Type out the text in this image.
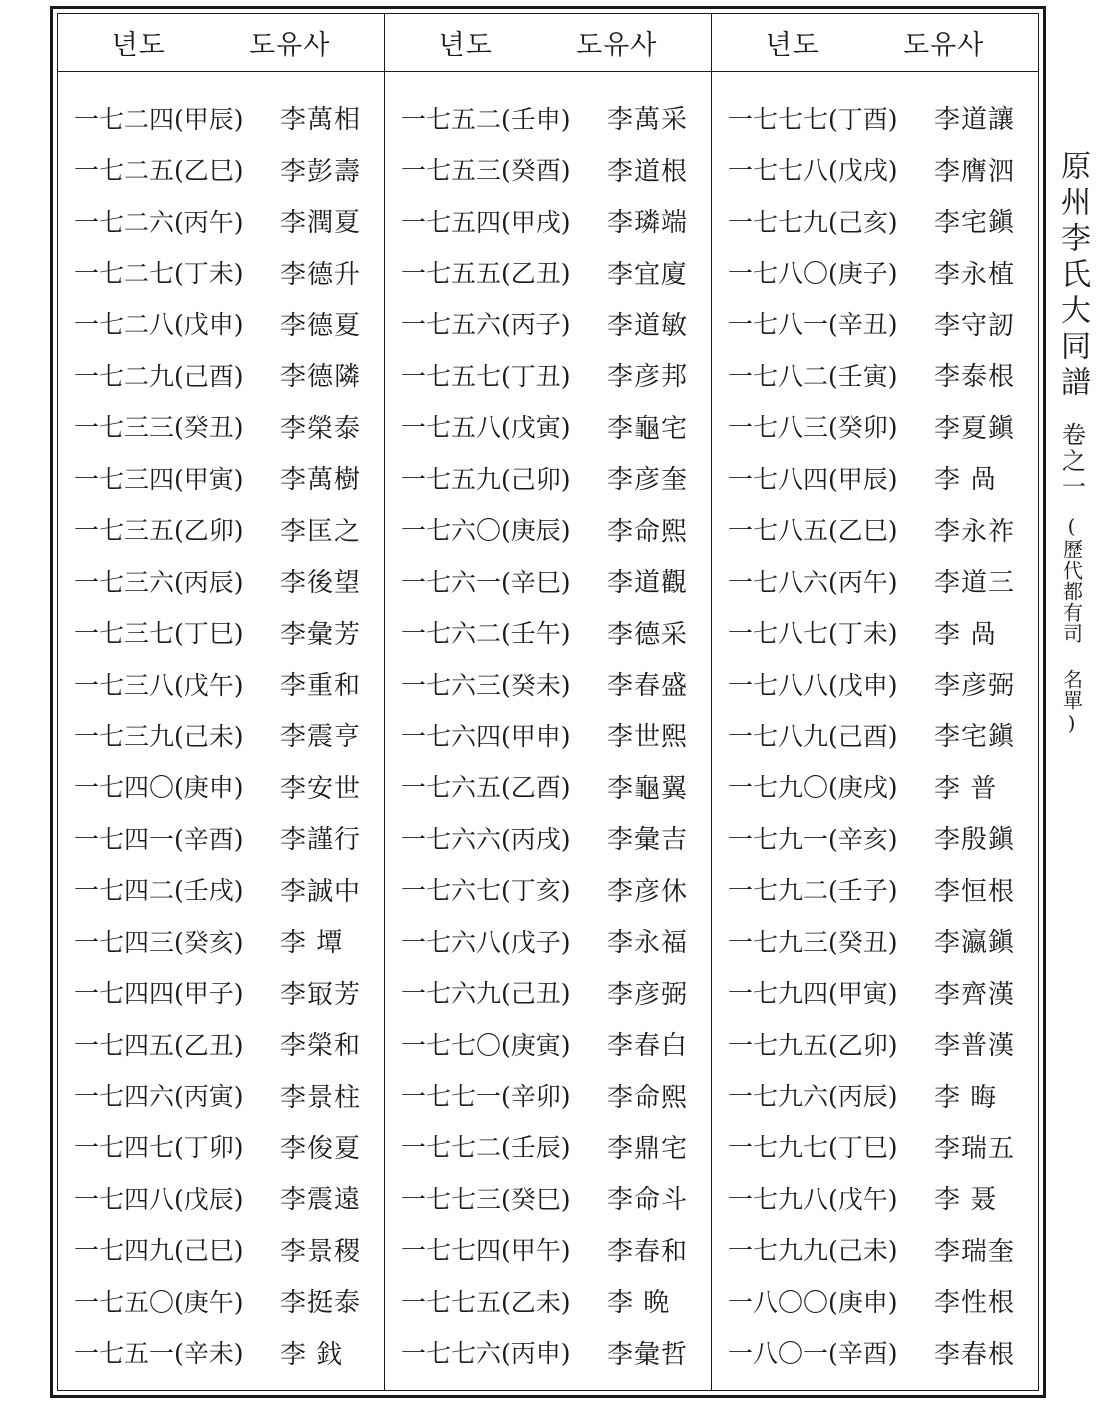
년도	도유사
一七二四(甲辰) 李萬相
一七二五(乙巳) 李彭壽
一七二六(丙午) 李潤夏
一七二七(丁未) 李德升
一七二八(戊申) 李德夏
一七二九(己酉) 李德隣
一七三三(癸丑) 李榮泰
一七三四(甲寅) 李萬樹
一七三五(乙卯) 李匡之
一七三六(丙辰) 李後望
一七三七(丁巳) 李彙芳
一七三八(戊午) 李重和
一七三九(己未) 李震亨
一七四〇(庚申) 李安世
一七四一(辛酉) 李謹行
一七四二(壬戌) 李誠中
一七四三(癸亥) 李 墰
一七四四(甲子) 李冣芳
一七四五(乙丑) 李榮和
一七四六(丙寅) 李景柱
一七四七(丁卯) 李俊夏
一七四八(戊辰) 李震遠
一七四九(己巳) 李景稷
一七五〇(庚午) 李挺泰
一七五一(辛未) 李 鈛
년도	도유사
一七五二(壬申) 李萬采
一七五三(癸酉) 李道根
一七五四(甲戌) 李璘端
一七五五(乙丑) 李宜廈
一七五六(丙子) 李道敏
一七五七(丁丑) 李彦邦
一七五八(戊寅) 李龜宅
一七五九(己卯) 李彦奎
一七六〇(庚辰) 李命熙
一七六一(辛巳) 李道觀
一七六二(壬午) 李德采
一七六三(癸未) 李春盛
一七六四(甲申) 李世熙
一七六五(乙酉) 李龜翼
一七六六(丙戌) 李彙吉
一七六七(丁亥) 李彦休
一七六八(戊子) 李永福
一七六九(己丑) 李彦弼
一七七〇(庚寅) 李春白
一七七一(辛卯) 李命熙
一七七二(壬辰) 李鼎宅
一七七三(癸巳) 李命斗
一七七四(甲午) 李春和
一七七五(乙未) 李 晩
一七七六(丙申) 李彙哲
년도	도유사
一七七七(丁酉) 李道讓
一七七八(戊戌) 李膺泗
一七七九(己亥) 李宅鎭
一七八〇(庚子) 李永植
一七八一(辛丑) 李守訒
一七八二(壬寅) 李泰根
一七八三(癸卯) 李夏鎭
一七八四(甲辰) 李 咼
一七八五(乙巳) 李永祚
一七八六(丙午) 李道三
一七八七(丁未) 李 咼
一七八八(戊申) 李彦弼
一七八九(己酉) 李宅鎭
一七九〇(庚戌) 李 普
一七九一(辛亥) 李殷鎭
一七九二(壬子) 李恒根
一七九三(癸丑) 李瀛鎭
一七九四(甲寅) 李齊漢
一七九五(乙卯) 李普漢
一七九六(丙辰) 李 晦
一七九七(丁巳) 李瑞五
一七九八(戊午) 李 聂
一七九九(己未) 李瑞奎
一八〇〇(庚申) 李性根
一八〇一(辛酉) 李春根
原州李氏大同譜
卷之一
(歷代都有司 名單)
